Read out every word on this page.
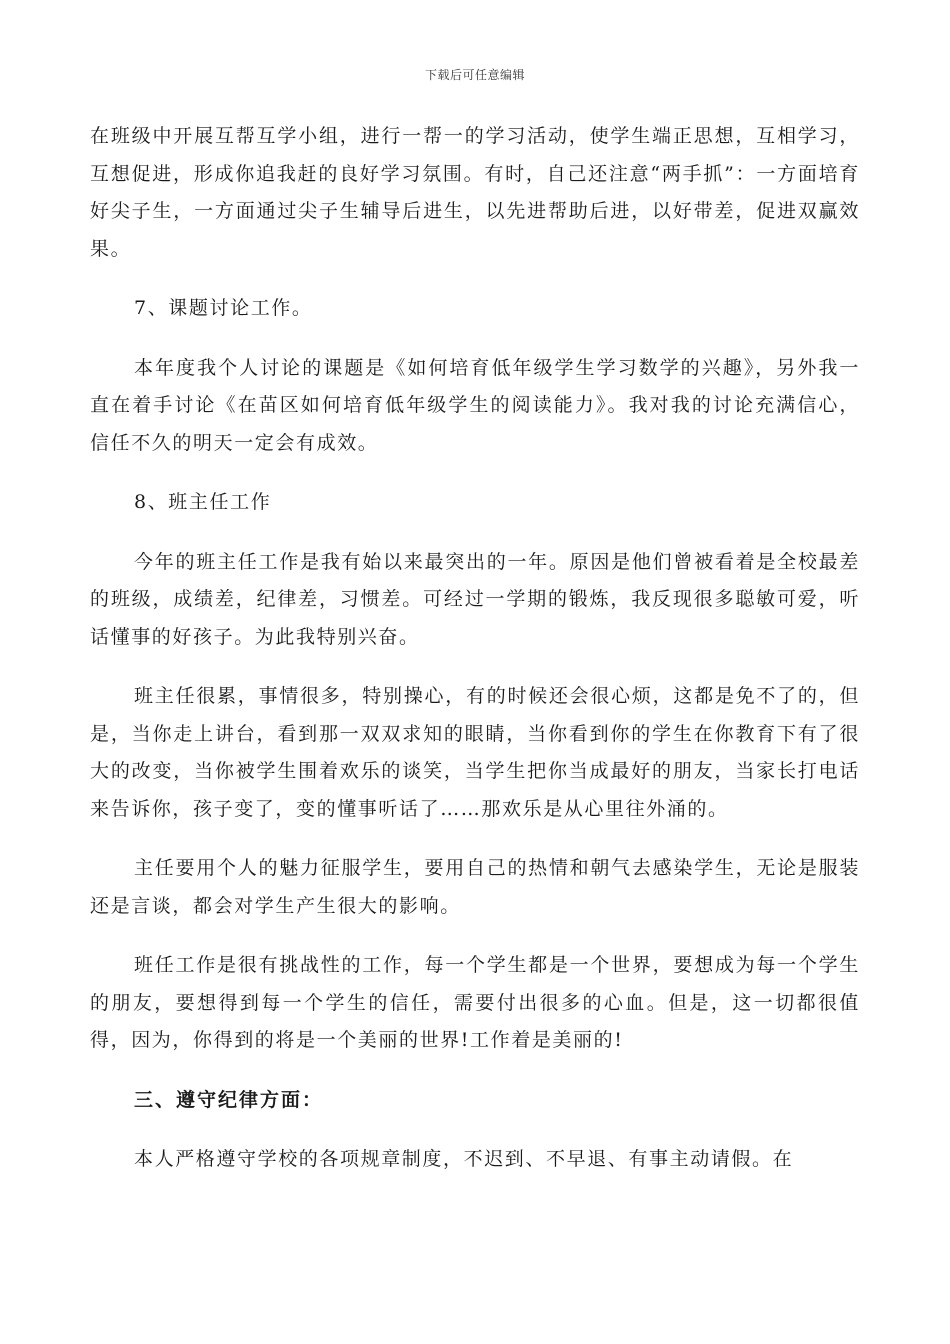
下载后可任意编辑

在班级中开展互帮互学小组，进行一帮一的学习活动，使学生端正思想，互相学习，互想促进，形成你追我赶的良好学习氛围。有时，自己还注意“两手抓”：一方面培育好尖子生，一方面通过尖子生辅导后进生，以先进帮助后进，以好带差，促进双赢效果。

7、课题讨论工作。

本年度我个人讨论的课题是《如何培育低年级学生学习数学的兴趣》，另外我一直在着手讨论《在苗区如何培育低年级学生的阅读能力》。我对我的讨论充满信心，信任不久的明天一定会有成效。

8、班主任工作

今年的班主任工作是我有始以来最突出的一年。原因是他们曾被看着是全校最差的班级，成绩差，纪律差，习惯差。可经过一学期的锻炼，我反现很多聪敏可爱，听话懂事的好孩子。为此我特别兴奋。

班主任很累，事情很多，特别操心，有的时候还会很心烦，这都是免不了的，但是，当你走上讲台，看到那一双双求知的眼睛，当你看到你的学生在你教育下有了很大的改变，当你被学生围着欢乐的谈笑，当学生把你当成最好的朋友，当家长打电话来告诉你，孩子变了，变的懂事听话了……那欢乐是从心里往外涌的。

主任要用个人的魅力征服学生，要用自己的热情和朝气去感染学生，无论是服装还是言谈，都会对学生产生很大的影响。

班任工作是很有挑战性的工作，每一个学生都是一个世界，要想成为每一个学生的朋友，要想得到每一个学生的信任，需要付出很多的心血。但是，这一切都很值得，因为，你得到的将是一个美丽的世界!工作着是美丽的!

三、遵守纪律方面：

本人严格遵守学校的各项规章制度，不迟到、不早退、有事主动请假。在
